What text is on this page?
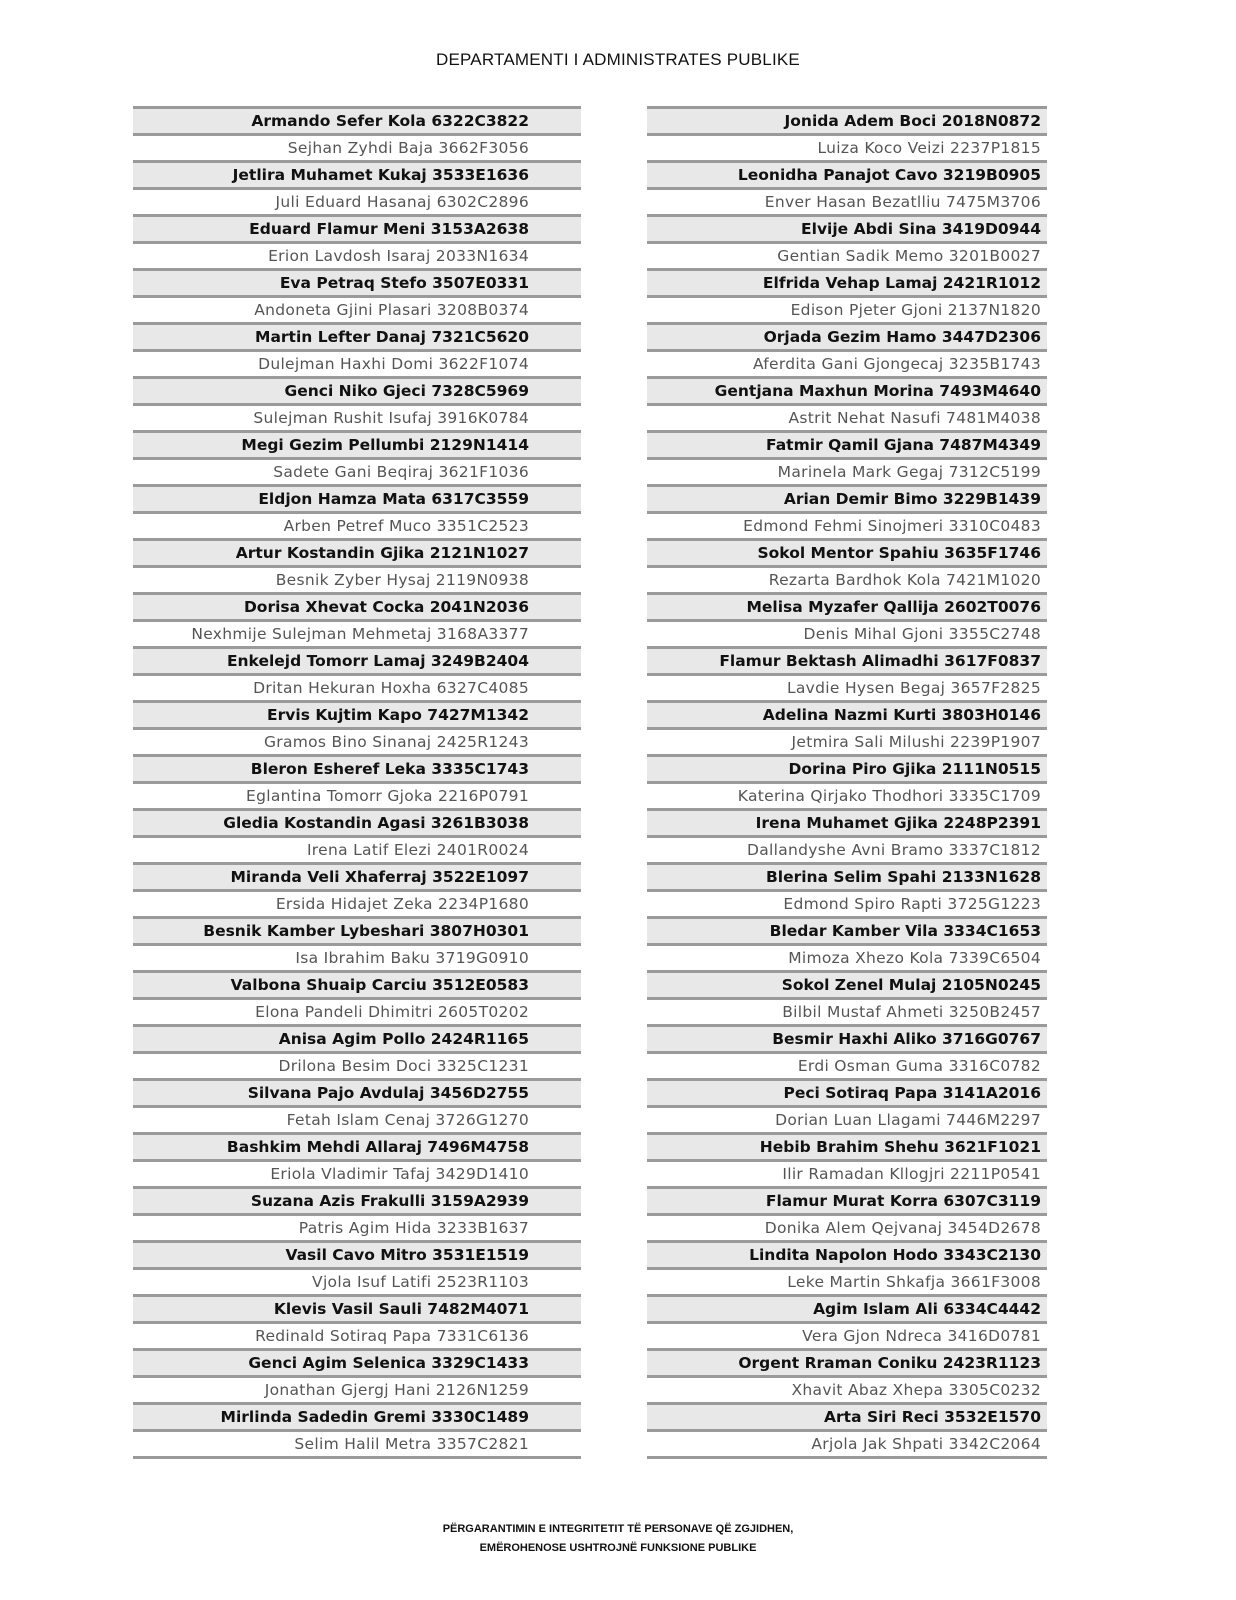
DEPARTAMENTI I ADMINISTRATES PUBLIKE
Armando Sefer Kola 6322C3822
Sejhan Zyhdi Baja 3662F3056
Jetlira Muhamet Kukaj 3533E1636
Juli Eduard Hasanaj 6302C2896
Eduard Flamur Meni 3153A2638
Erion Lavdosh Isaraj 2033N1634
Eva Petraq Stefo 3507E0331
Andoneta Gjini Plasari 3208B0374
Martin Lefter Danaj 7321C5620
Dulejman Haxhi Domi 3622F1074
Genci Niko Gjeci 7328C5969
Sulejman Rushit Isufaj 3916K0784
Megi Gezim Pellumbi 2129N1414
Sadete Gani Beqiraj 3621F1036
Eldjon Hamza Mata 6317C3559
Arben Petref Muco 3351C2523
Artur Kostandin Gjika 2121N1027
Besnik Zyber Hysaj 2119N0938
Dorisa Xhevat Cocka 2041N2036
Nexhmije Sulejman Mehmetaj 3168A3377
Enkelejd Tomorr Lamaj 3249B2404
Dritan Hekuran Hoxha 6327C4085
Ervis Kujtim Kapo 7427M1342
Gramos Bino Sinanaj 2425R1243
Bleron Esheref Leka 3335C1743
Eglantina Tomorr Gjoka 2216P0791
Gledia Kostandin Agasi 3261B3038
Irena Latif Elezi 2401R0024
Miranda Veli Xhaferraj 3522E1097
Ersida Hidajet Zeka 2234P1680
Besnik Kamber Lybeshari 3807H0301
Isa Ibrahim Baku 3719G0910
Valbona Shuaip Carciu 3512E0583
Elona Pandeli Dhimitri 2605T0202
Anisa Agim Pollo 2424R1165
Drilona Besim Doci 3325C1231
Silvana Pajo Avdulaj 3456D2755
Fetah Islam Cenaj 3726G1270
Bashkim Mehdi Allaraj 7496M4758
Eriola Vladimir Tafaj 3429D1410
Suzana Azis Frakulli 3159A2939
Patris Agim Hida 3233B1637
Vasil Cavo Mitro 3531E1519
Vjola Isuf Latifi 2523R1103
Klevis Vasil Sauli 7482M4071
Redinald Sotiraq Papa 7331C6136
Genci Agim Selenica 3329C1433
Jonathan Gjergj Hani 2126N1259
Mirlinda Sadedin Gremi 3330C1489
Selim Halil Metra 3357C2821
Jonida Adem Boci 2018N0872
Luiza Koco Veizi 2237P1815
Leonidha Panajot Cavo 3219B0905
Enver Hasan Bezatlliu 7475M3706
Elvije Abdi Sina 3419D0944
Gentian Sadik Memo 3201B0027
Elfrida Vehap Lamaj 2421R1012
Edison Pjeter Gjoni 2137N1820
Orjada Gezim Hamo 3447D2306
Aferdita Gani Gjongecaj 3235B1743
Gentjana Maxhun Morina 7493M4640
Astrit Nehat Nasufi 7481M4038
Fatmir Qamil Gjana 7487M4349
Marinela Mark Gegaj 7312C5199
Arian Demir Bimo 3229B1439
Edmond Fehmi Sinojmeri 3310C0483
Sokol Mentor Spahiu 3635F1746
Rezarta Bardhok Kola 7421M1020
Melisa Myzafer Qallija 2602T0076
Denis Mihal Gjoni 3355C2748
Flamur Bektash Alimadhi 3617F0837
Lavdie Hysen Begaj 3657F2825
Adelina Nazmi Kurti 3803H0146
Jetmira Sali Milushi 2239P1907
Dorina Piro Gjika 2111N0515
Katerina Qirjako Thodhori 3335C1709
Irena Muhamet Gjika 2248P2391
Dallandyshe Avni Bramo 3337C1812
Blerina Selim Spahi 2133N1628
Edmond Spiro Rapti 3725G1223
Bledar Kamber Vila 3334C1653
Mimoza Xhezo Kola 7339C6504
Sokol Zenel Mulaj 2105N0245
Bilbil Mustaf Ahmeti 3250B2457
Besmir Haxhi Aliko 3716G0767
Erdi Osman Guma 3316C0782
Peci Sotiraq Papa 3141A2016
Dorian Luan Llagami 7446M2297
Hebib Brahim Shehu 3621F1021
Ilir Ramadan Kllogjri 2211P0541
Flamur Murat Korra 6307C3119
Donika Alem Qejvanaj 3454D2678
Lindita Napolon Hodo 3343C2130
Leke Martin Shkafja 3661F3008
Agim Islam Ali 6334C4442
Vera Gjon Ndreca 3416D0781
Orgent Rraman Coniku 2423R1123
Xhavit Abaz Xhepa 3305C0232
Arta Siri Reci 3532E1570
Arjola Jak Shpati 3342C2064
PËRGARANTIMIN E INTEGRITETIT TË PERSONAVE QË ZGJIDHEN,
EMËROHENOSE USHTROJNË FUNKSIONE PUBLIKE
